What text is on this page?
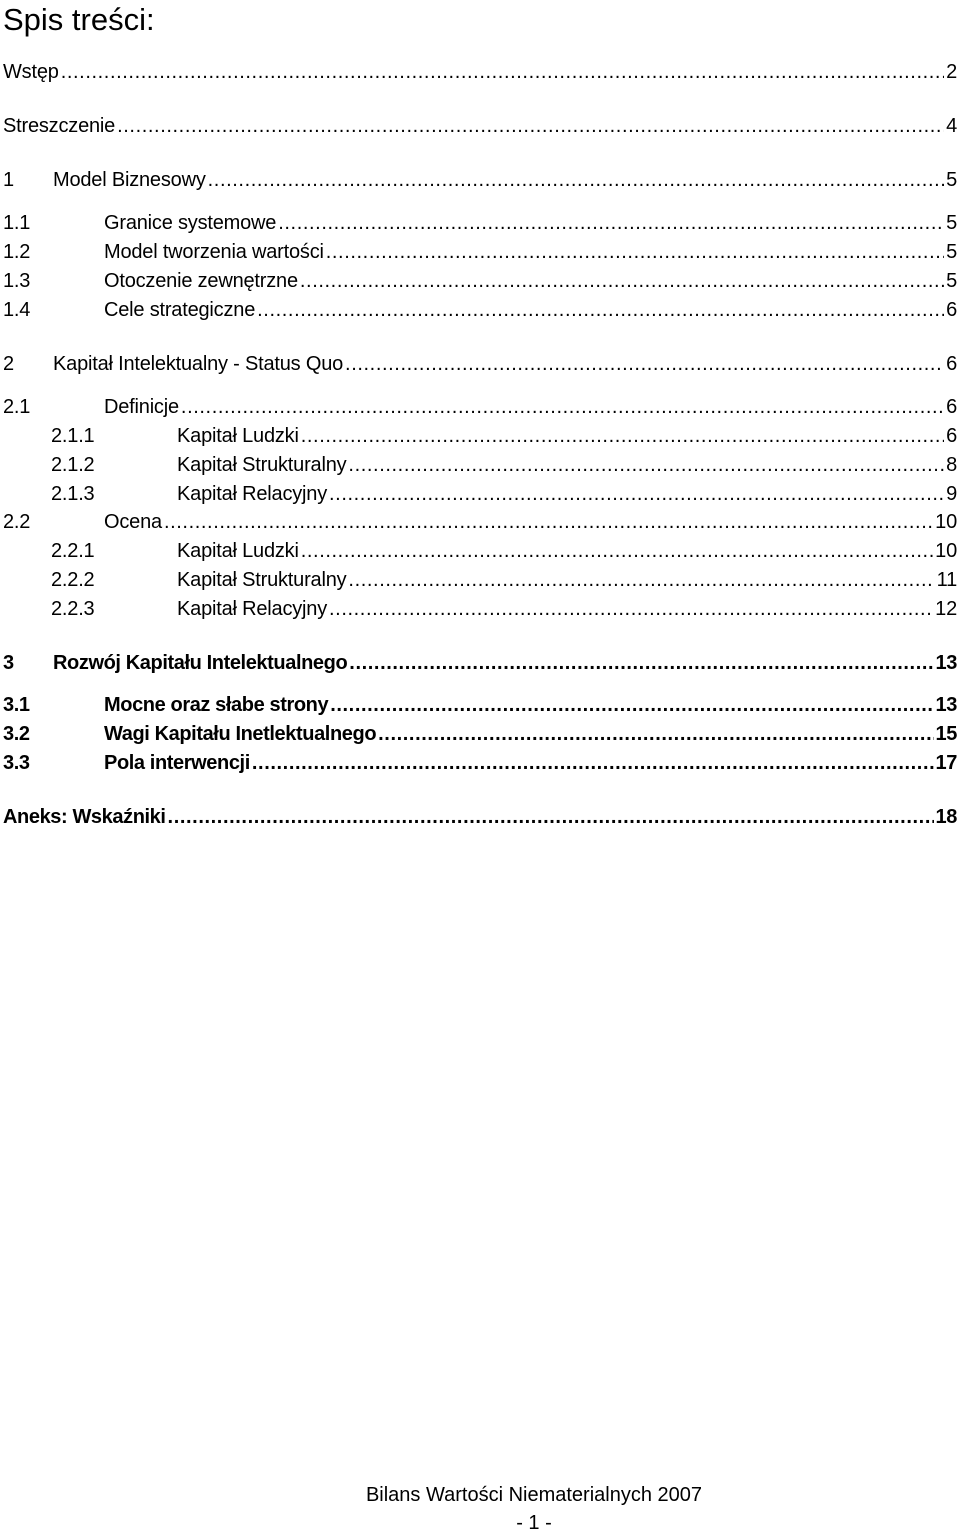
Spis treści:
Wstęp .....	2
Streszczenie .....	4
1	Model Biznesowy .....	5
1.1	Granice systemowe .....	5
1.2	Model tworzenia wartości .....	5
1.3	Otoczenie zewnętrzne .....	5
1.4	Cele strategiczne .....	6
2	Kapitał Intelektualny - Status Quo .....	6
2.1	Definicje .....	6
2.1.1	Kapitał Ludzki .....	6
2.1.2	Kapitał Strukturalny .....	8
2.1.3	Kapitał Relacyjny .....	9
2.2	Ocena .....	10
2.2.1	Kapitał Ludzki .....	10
2.2.2	Kapitał Strukturalny .....	11
2.2.3	Kapitał Relacyjny .....	12
3	Rozwój Kapitału Intelektualnego .....	13
3.1	Mocne oraz słabe strony .....	13
3.2	Wagi Kapitału Inetlektualnego .....	15
3.3	Pola interwencji .....	17
Aneks: Wskaźniki .....	18
Bilans Wartości Niematerialnych 2007
- 1 -
